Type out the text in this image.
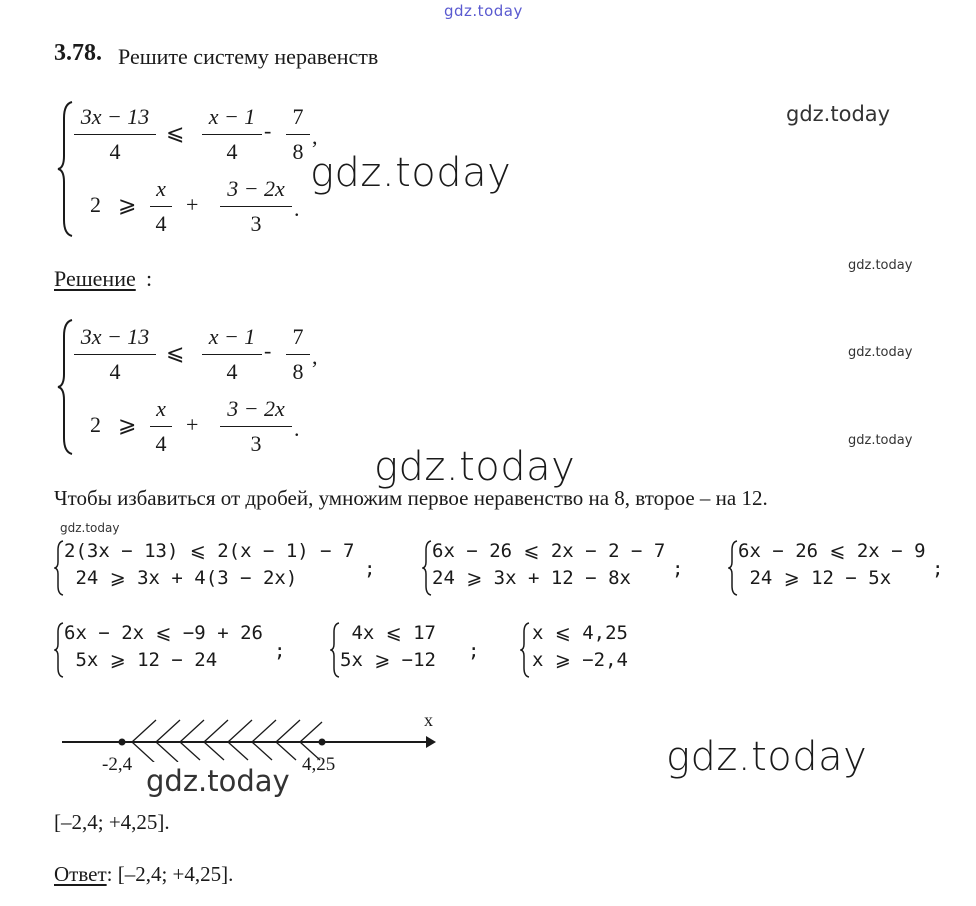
gdz.today
gdz.today
gdz.today
gdz.today
gdz.today
gdz.today
gdz.today
gdz.today
gdz.today
gdz.today
3.78. Решите систему неравенств
3x − 13
4
⩽
x − 1
4
-
7
8
,
2 ⩾
x
4
+
3 − 2x
3
.
Решение :
3x − 13
4
⩽
x − 1
4
-
7
8
,
2 ⩾
x
4
+
3 − 2x
3
.
Чтобы избавиться от дробей, умножим первое неравенство на 8, второе – на 12.
2(3x − 13) ⩽ 2(x − 1) − 7
24 ⩾ 3x + 4(3 − 2x)	;
6x − 26 ⩽ 2x − 2 − 7
24 ⩾ 3x + 12 − 8x	;
6x − 26 ⩽ 2x − 9
24 ⩾ 12 − 5x	;
6x − 2x ⩽ −9 + 26
5x ⩾ 12 − 24	;
4x ⩽ 17
5x ⩾ −12 ;
x ⩽ 4,25
x ⩾ −2,4
x
-2,4	4,25
[–2,4; +4,25].
Ответ: [–2,4; +4,25].
